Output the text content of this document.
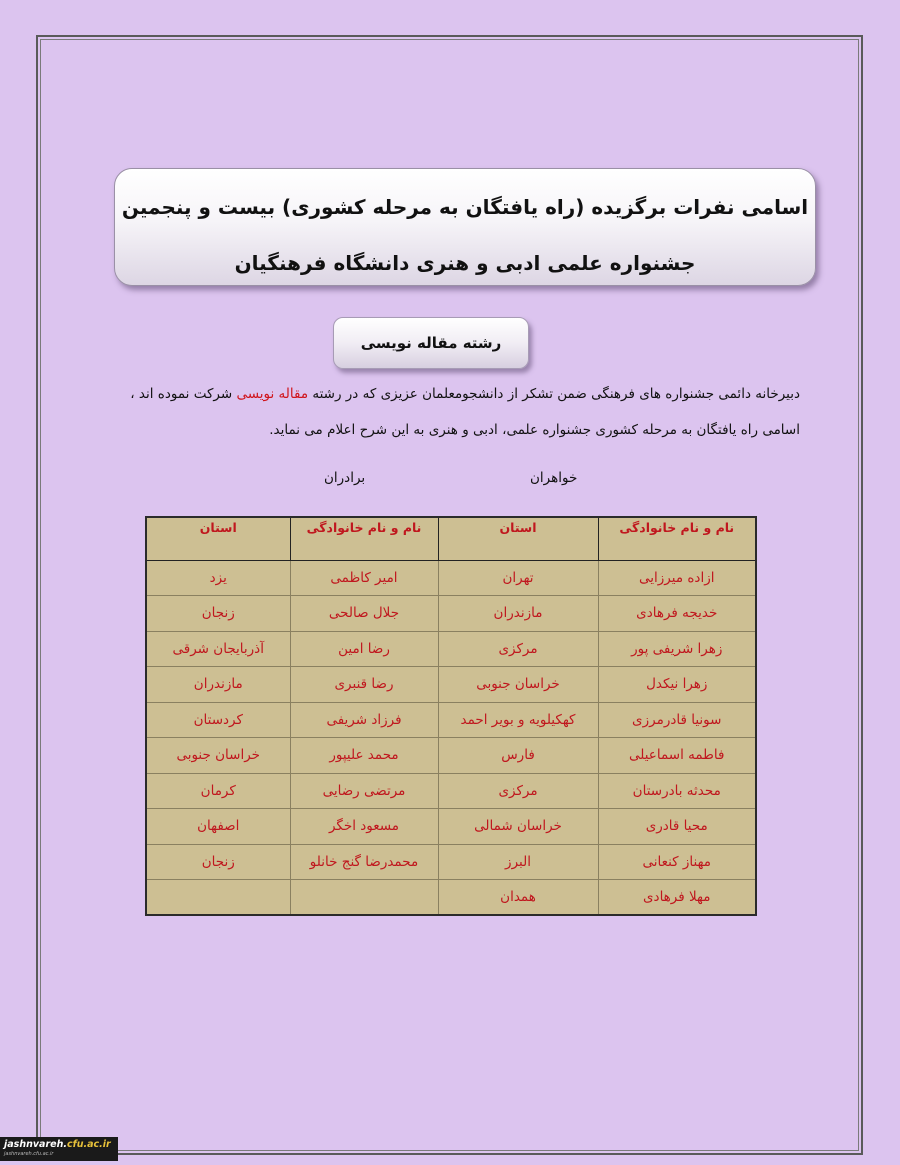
اسامی نفرات برگزیده (راه یافتگان به مرحله کشوری) بیست و پنجمین
جشنواره علمی ادبی و هنری دانشگاه فرهنگیان
رشته مقاله نویسی
دبیرخانه دائمی جشنواره های فرهنگی ضمن تشکر از دانشجومعلمان عزیزی که در رشته مقاله نویسی شرکت نموده اند ،
اسامی راه یافتگان به مرحله کشوری جشنواره علمی، ادبی و هنری به این شرح اعلام می نماید.
خواهران
برادران
نام و نام خانوادگی	استان	نام و نام خانوادگی	استان
ازاده میرزایی	تهران	امیر کاظمی	یزد
خدیجه فرهادی	مازندران	جلال صالحی	زنجان
زهرا شریفی پور	مرکزی	رضا امین	آذربایجان شرقی
زهرا نیکدل	خراسان جنوبی	رضا قنبری	مازندران
سونیا قادرمرزی	کهکیلویه و بویر احمد	فرزاد شریفی	کردستان
فاطمه اسماعیلی	فارس	محمد علیپور	خراسان جنوبی
محدثه بادرستان	مرکزی	مرتضی رضایی	کرمان
محیا قادری	خراسان شمالی	مسعود اخگر	اصفهان
مهناز کنعانی	البرز	محمدرضا گنج خانلو	زنجان
مهلا فرهادی	همدان		
jashnvareh.cfu.ac.ir
jashnvareh.cfu.ac.ir
